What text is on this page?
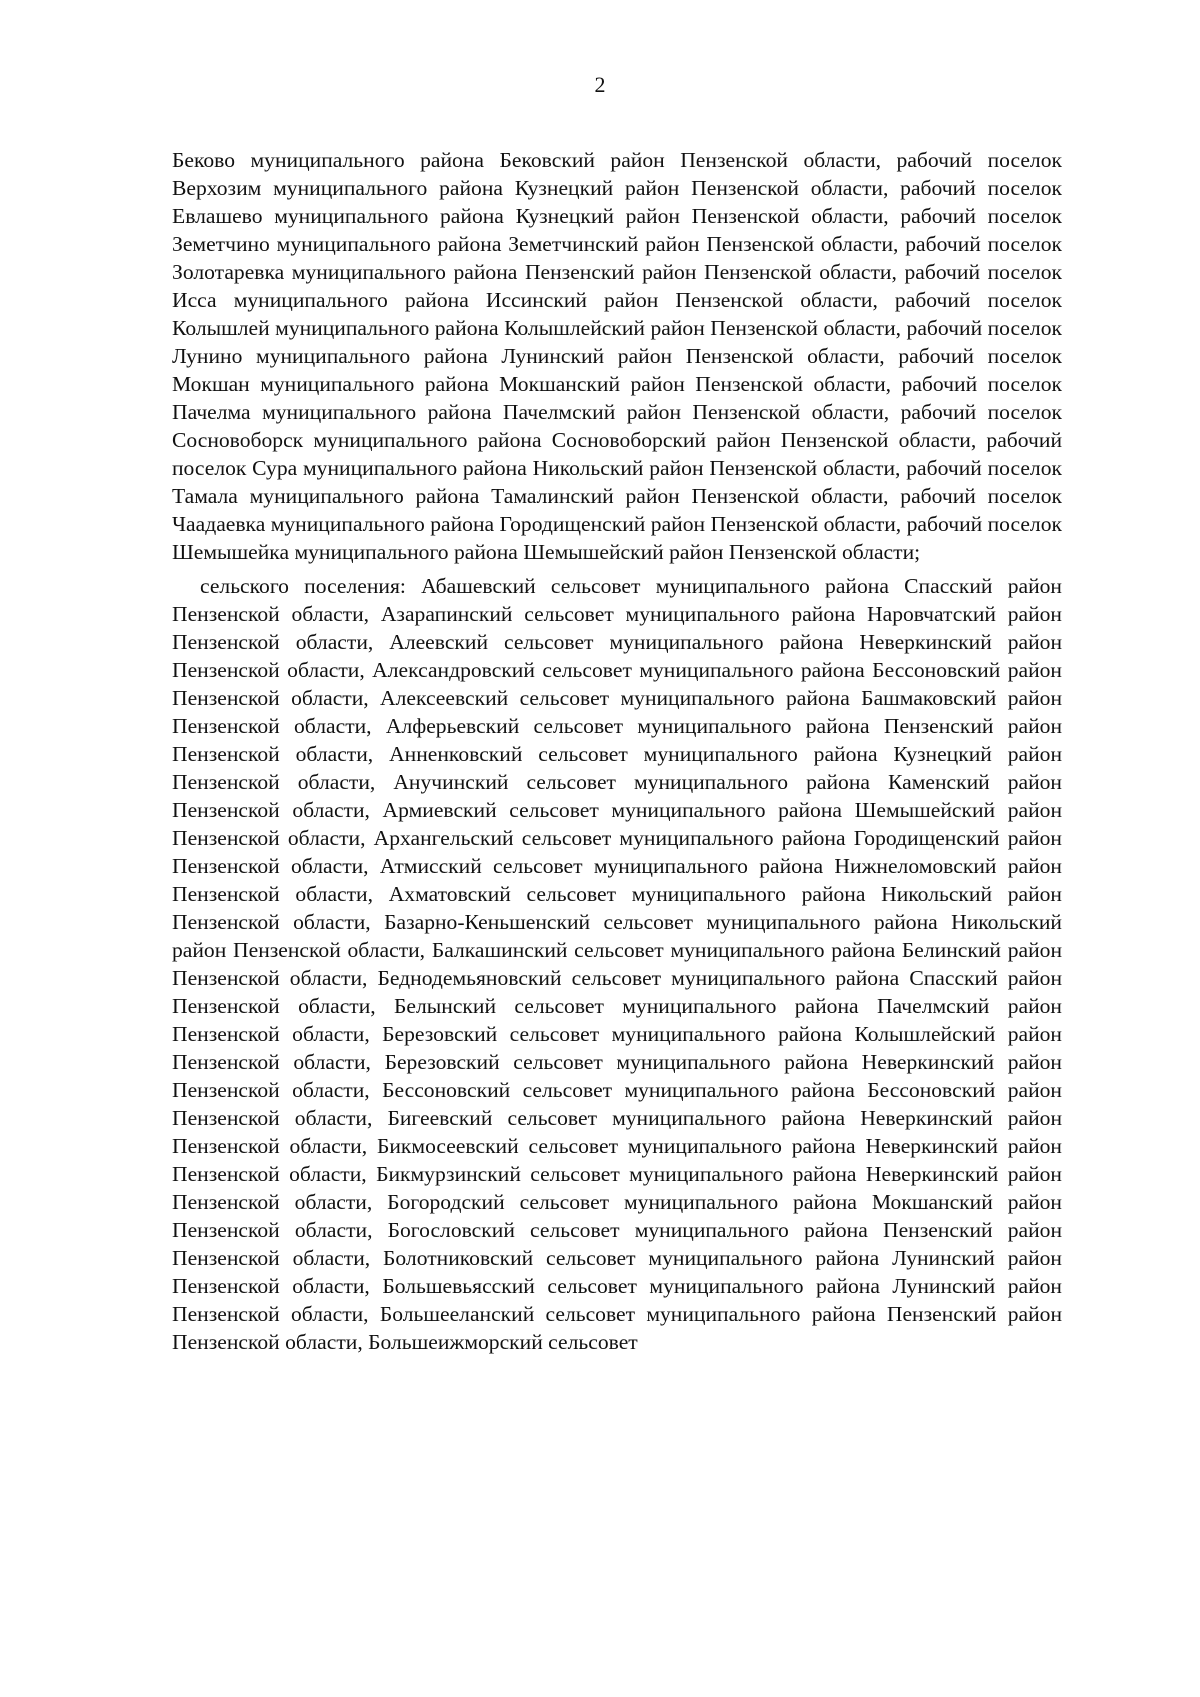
2

Беково муниципального района Бековский район Пензенской области, рабочий поселок Верхозим муниципального района Кузнецкий район Пензенской области, рабочий поселок Евлашево муниципального района Кузнецкий район Пензенской области, рабочий поселок Земетчино муниципального района Земетчинский район Пензенской области, рабочий поселок Золотаревка муниципального района Пензенский район Пензенской области, рабочий поселок Исса муниципального района Иссинский район Пензенской области, рабочий поселок Колышлей муниципального района Колышлейский район Пензенской области, рабочий поселок Лунино муниципального района Лунинский район Пензенской области, рабочий поселок Мокшан муниципального района Мокшанский район Пензенской области, рабочий поселок Пачелма муниципального района Пачелмский район Пензенской области, рабочий поселок Сосновоборск муниципального района Сосновоборский район Пензенской области, рабочий поселок Сура муниципального района Никольский район Пензенской области, рабочий поселок Тамала муниципального района Тамалинский район Пензенской области, рабочий поселок Чаадаевка муниципального района Городищенский район Пензенской области, рабочий поселок Шемышейка муниципального района Шемышейский район Пензенской области;

сельского поселения: Абашевский сельсовет муниципального района Спасский район Пензенской области, Азарапинский сельсовет муниципального района Наровчатский район Пензенской области, Алеевский сельсовет муниципального района Неверкинский район Пензенской области, Александровский сельсовет муниципального района Бессоновский район Пензенской области, Алексеевский сельсовет муниципального района Башмаковский район Пензенской области, Алферьевский сельсовет муниципального района Пензенский район Пензенской области, Анненковский сельсовет муниципального района Кузнецкий район Пензенской области, Анучинский сельсовет муниципального района Каменский район Пензенской области, Армиевский сельсовет муниципального района Шемышейский район Пензенской области, Архангельский сельсовет муниципального района Городищенский район Пензенской области, Атмисский сельсовет муниципального района Нижнеломовский район Пензенской области, Ахматовский сельсовет муниципального района Никольский район Пензенской области, Базарно-Кеньшенский сельсовет муниципального района Никольский район Пензенской области, Балкашинский сельсовет муниципального района Белинский район Пензенской области, Беднодемьяновский сельсовет муниципального района Спасский район Пензенской области, Белынский сельсовет муниципального района Пачелмский район Пензенской области, Березовский сельсовет муниципального района Колышлейский район Пензенской области, Березовский сельсовет муниципального района Неверкинский район Пензенской области, Бессоновский сельсовет муниципального района Бессоновский район Пензенской области, Бигеевский сельсовет муниципального района Неверкинский район Пензенской области, Бикмосеевский сельсовет муниципального района Неверкинский район Пензенской области, Бикмурзинский сельсовет муниципального района Неверкинский район Пензенской области, Богородский сельсовет муниципального района Мокшанский район Пензенской области, Богословский сельсовет муниципального района Пензенский район Пензенской области, Болотниковский сельсовет муниципального района Лунинский район Пензенской области, Большевьясский сельсовет муниципального района Лунинский район Пензенской области, Большееланский сельсовет муниципального района Пензенский район Пензенской области, Большеижморский сельсовет
